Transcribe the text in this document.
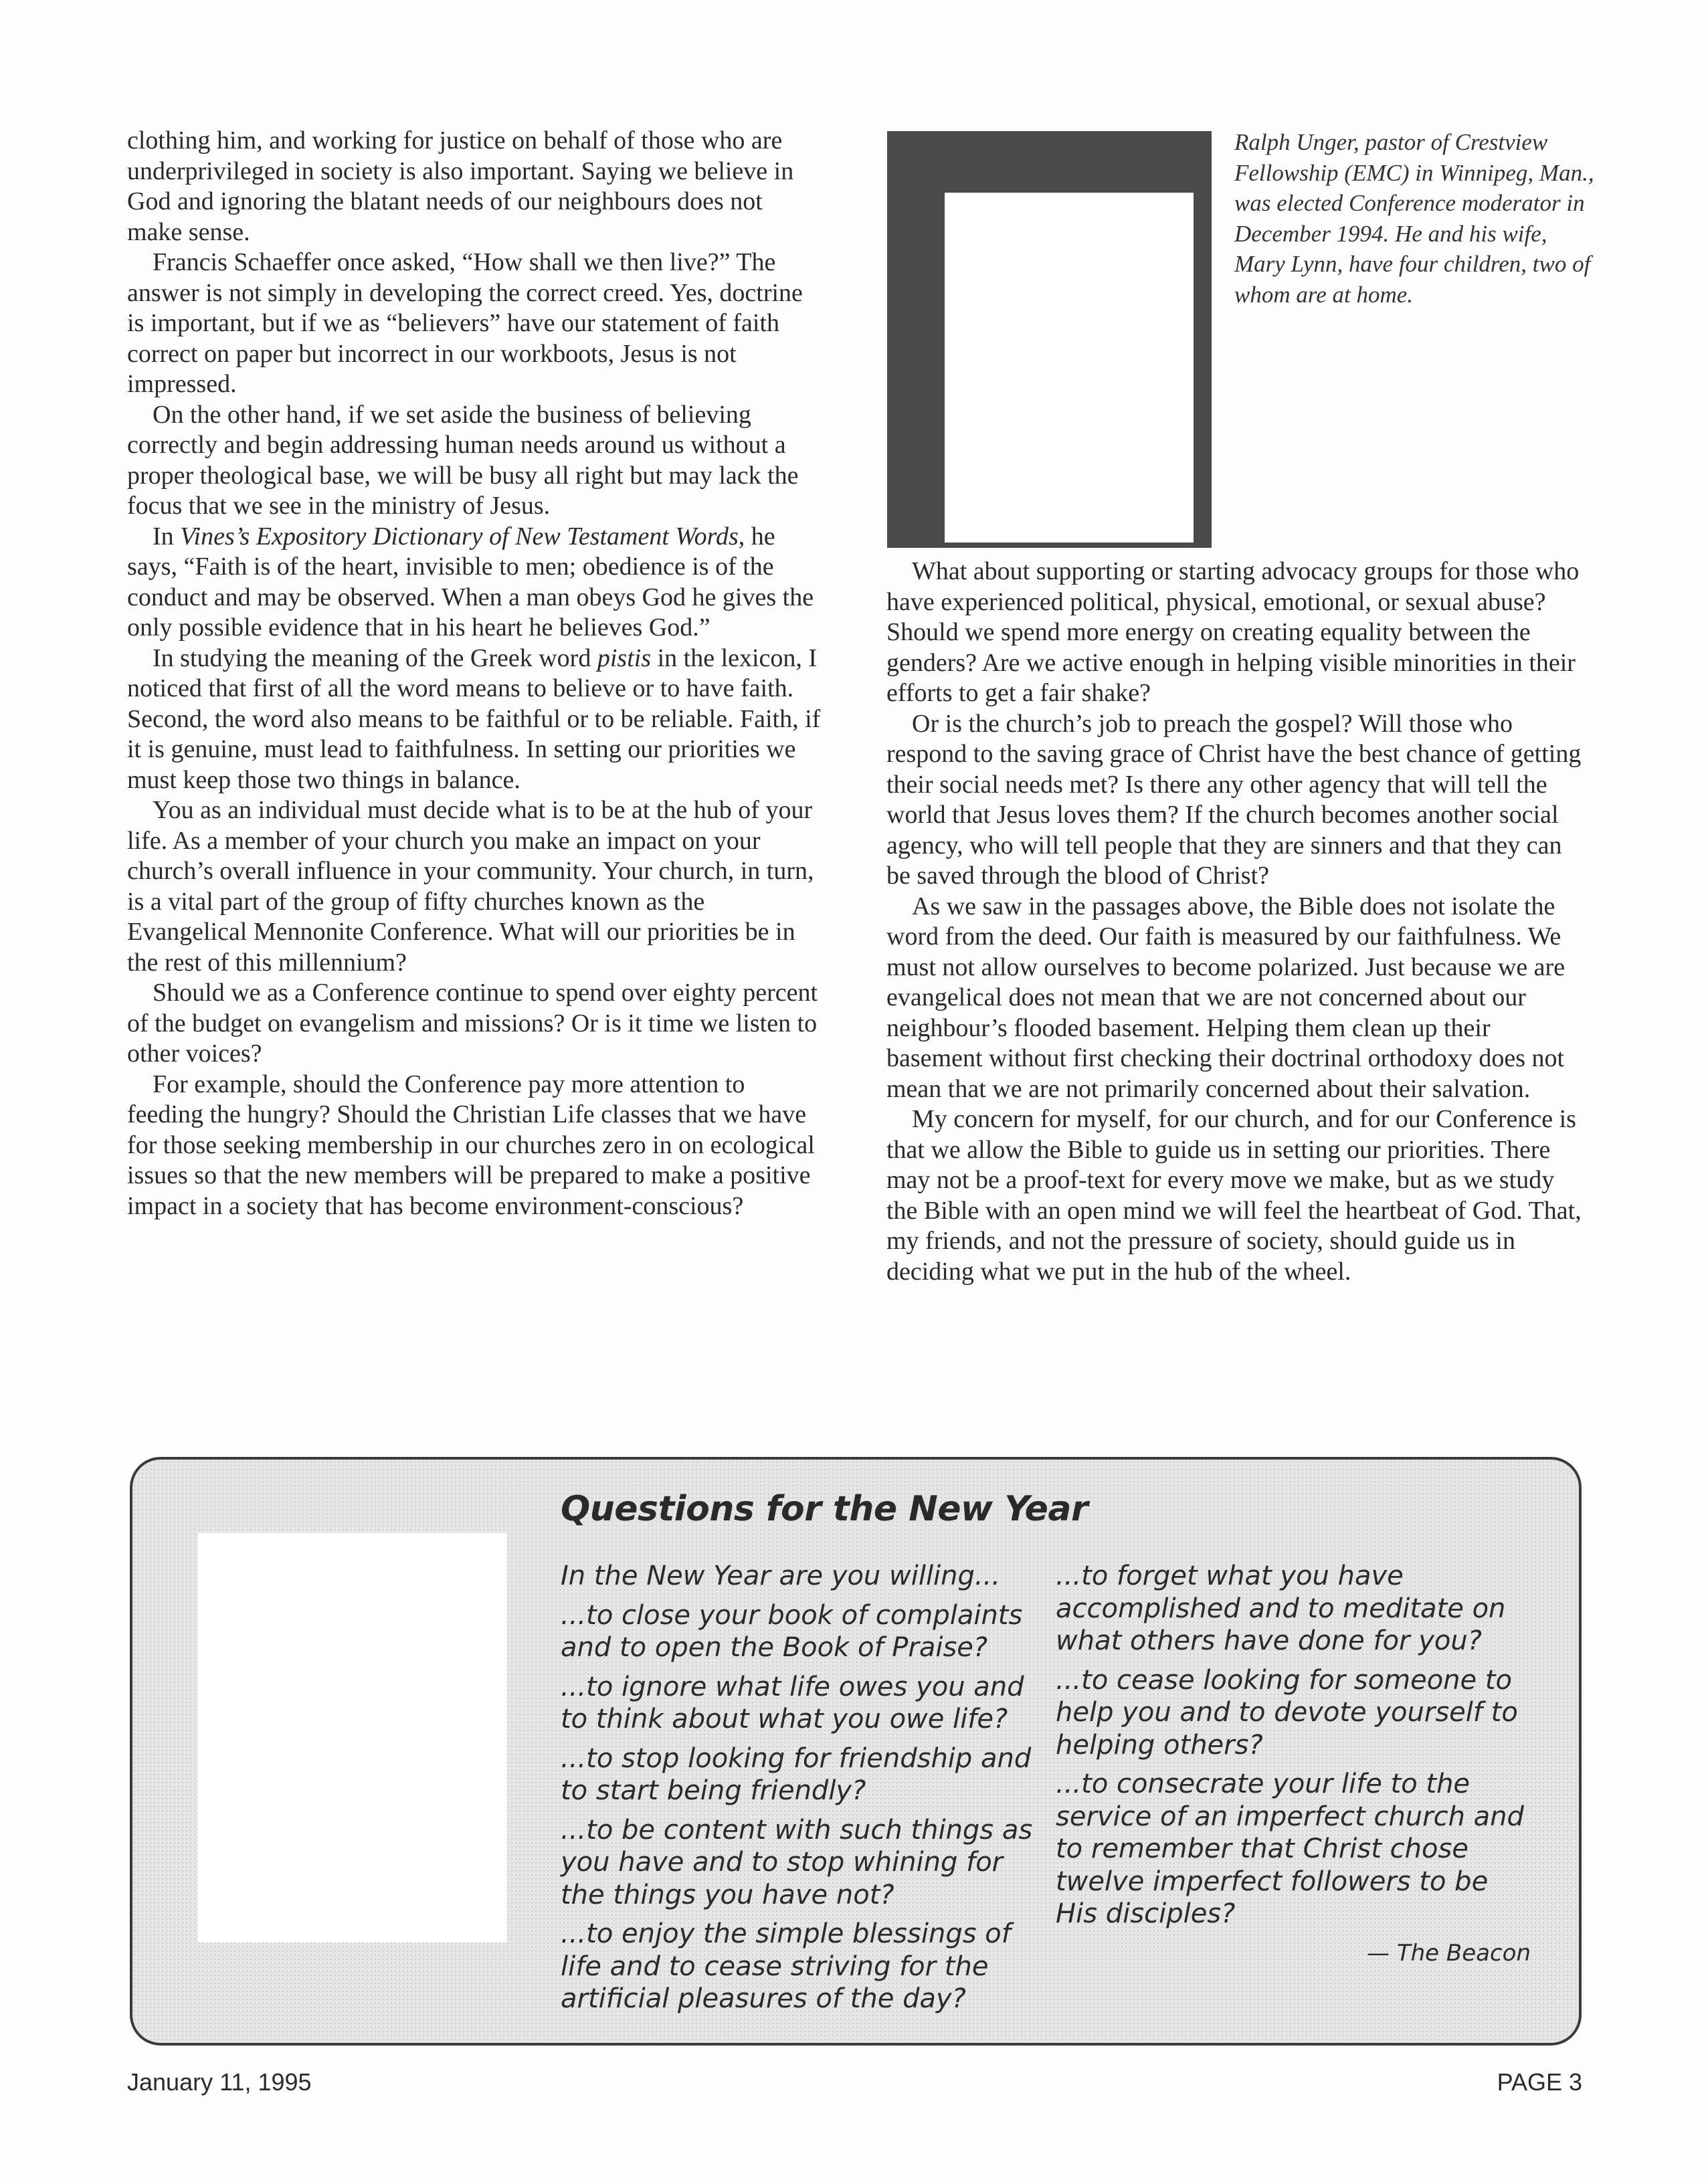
clothing him, and working for justice on behalf of those who are underprivileged in society is also important. Saying we believe in God and ignoring the blatant needs of our neighbours does not make sense.

Francis Schaeffer once asked, “How shall we then live?” The answer is not simply in developing the correct creed. Yes, doctrine is important, but if we as “believers” have our statement of faith correct on paper but incorrect in our workboots, Jesus is not impressed.

On the other hand, if we set aside the business of believing correctly and begin addressing human needs around us without a proper theological base, we will be busy all right but may lack the focus that we see in the ministry of Jesus.

In Vines’s Expository Dictionary of New Testament Words, he says, “Faith is of the heart, invisible to men; obedience is of the conduct and may be observed. When a man obeys God he gives the only possible evidence that in his heart he believes God.”

In studying the meaning of the Greek word pistis in the lexicon, I noticed that first of all the word means to believe or to have faith. Second, the word also means to be faithful or to be reliable. Faith, if it is genuine, must lead to faithfulness. In setting our priorities we must keep those two things in balance.

You as an individual must decide what is to be at the hub of your life. As a member of your church you make an impact on your church’s overall influence in your community. Your church, in turn, is a vital part of the group of fifty churches known as the Evangelical Mennonite Conference. What will our priorities be in the rest of this millennium?

Should we as a Conference continue to spend over eighty percent of the budget on evangelism and missions? Or is it time we listen to other voices?

For example, should the Conference pay more attention to feeding the hungry? Should the Christian Life classes that we have for those seeking membership in our churches zero in on ecological issues so that the new members will be prepared to make a positive impact in a society that has become environment-conscious?

Ralph Unger, pastor of Crestview Fellowship (EMC) in Winnipeg, Man., was elected Conference moderator in December 1994. He and his wife, Mary Lynn, have four children, two of whom are at home.

What about supporting or starting advocacy groups for those who have experienced political, physical, emotional, or sexual abuse? Should we spend more energy on creating equality between the genders? Are we active enough in helping visible minorities in their efforts to get a fair shake?

Or is the church’s job to preach the gospel? Will those who respond to the saving grace of Christ have the best chance of getting their social needs met? Is there any other agency that will tell the world that Jesus loves them? If the church becomes another social agency, who will tell people that they are sinners and that they can be saved through the blood of Christ?

As we saw in the passages above, the Bible does not isolate the word from the deed. Our faith is measured by our faithfulness. We must not allow ourselves to become polarized. Just because we are evangelical does not mean that we are not concerned about our neighbour’s flooded basement. Helping them clean up their basement without first checking their doctrinal orthodoxy does not mean that we are not primarily concerned about their salvation.

My concern for myself, for our church, and for our Conference is that we allow the Bible to guide us in setting our priorities. There may not be a proof-text for every move we make, but as we study the Bible with an open mind we will feel the heartbeat of God. That, my friends, and not the pressure of society, should guide us in deciding what we put in the hub of the wheel.

Questions for the New Year

In the New Year are you willing...

...to close your book of complaints and to open the Book of Praise?

...to ignore what life owes you and to think about what you owe life?

...to stop looking for friendship and to start being friendly?

...to be content with such things as you have and to stop whining for the things you have not?

...to enjoy the simple blessings of life and to cease striving for the artificial pleasures of the day?

...to forget what you have accomplished and to meditate on what others have done for you?

...to cease looking for someone to help you and to devote yourself to helping others?

...to consecrate your life to the service of an imperfect church and to remember that Christ chose twelve imperfect followers to be His disciples?

— The Beacon
January 11, 1995	PAGE 3
